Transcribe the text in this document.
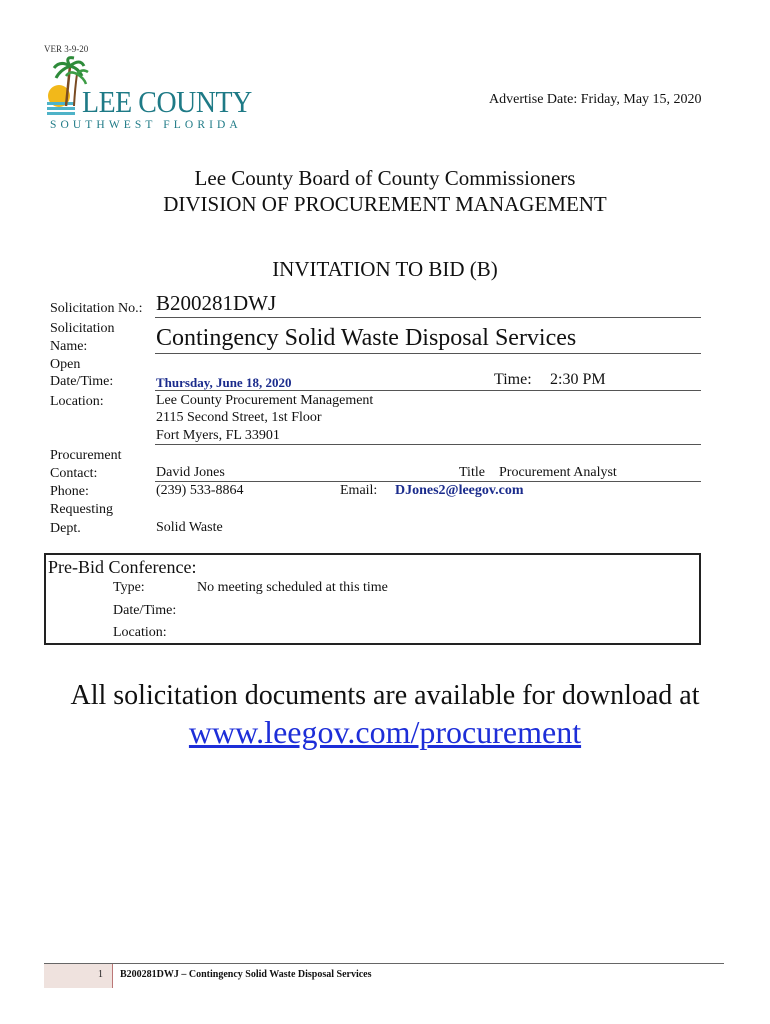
VER 3-9-20
LEE COUNTY
SOUTHWEST FLORIDA
Advertise Date: Friday, May 15, 2020
Lee County Board of County Commissioners
DIVISION OF PROCUREMENT MANAGEMENT
INVITATION TO BID (B)
Solicitation No.: B200281DWJ
Solicitation
Name:	Contingency Solid Waste Disposal Services
Open
Date/Time:	Thursday, June 18, 2020	Time: 2:30 PM
Location:	Lee County Procurement Management
2115 Second Street, 1st Floor
Fort Myers, FL 33901
Procurement
Contact:	David Jones	Title Procurement Analyst
Phone:	(239) 533-8864	Email: DJones2@leegov.com
Requesting
Dept.	Solid Waste
Pre-Bid Conference:
Type:	No meeting scheduled at this time
Date/Time:
Location:
All solicitation documents are available for download at
www.leegov.com/procurement
1 B200281DWJ – Contingency Solid Waste Disposal Services
